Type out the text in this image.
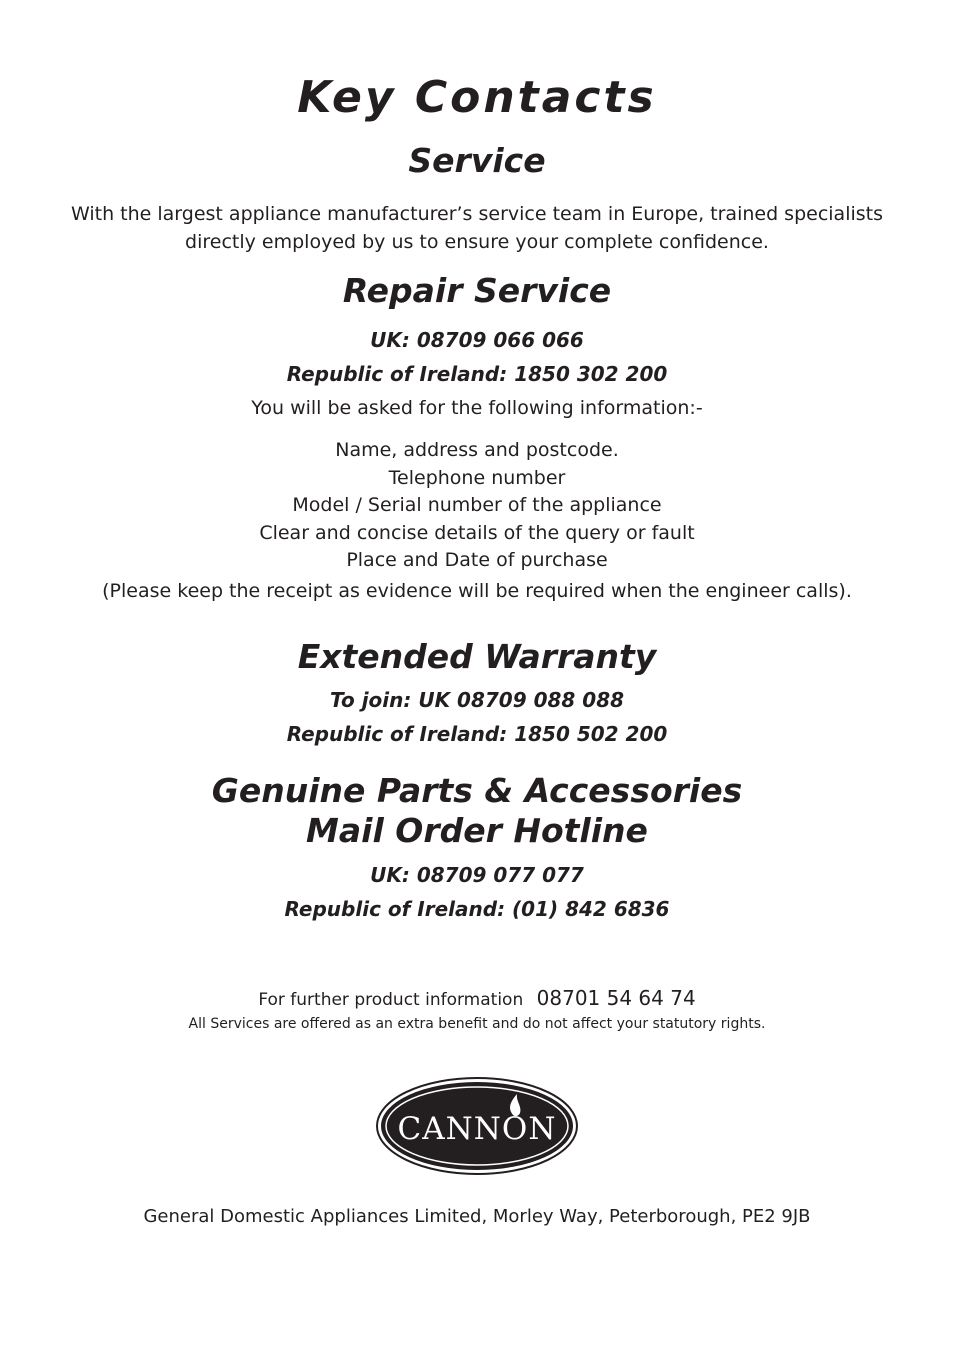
Key Contacts
Service
With the largest appliance manufacturer’s service team in Europe, trained specialists
directly employed by us to ensure your complete confidence.
Repair Service
UK: 08709 066 066
Republic of Ireland: 1850 302 200
You will be asked for the following information:-
Name, address and postcode.
Telephone number
Model / Serial number of the appliance
Clear and concise details of the query or fault
Place and Date of purchase
(Please keep the receipt as evidence will be required when the engineer calls).
Extended Warranty
To join: UK 08709 088 088
Republic of Ireland: 1850 502 200
Genuine Parts & Accessories
Mail Order Hotline
UK: 08709 077 077
Republic of Ireland: (01) 842 6836
For further product information 08701 54 64 74
All Services are offered as an extra benefit and do not affect your statutory rights.
CANNON
General Domestic Appliances Limited, Morley Way, Peterborough, PE2 9JB
